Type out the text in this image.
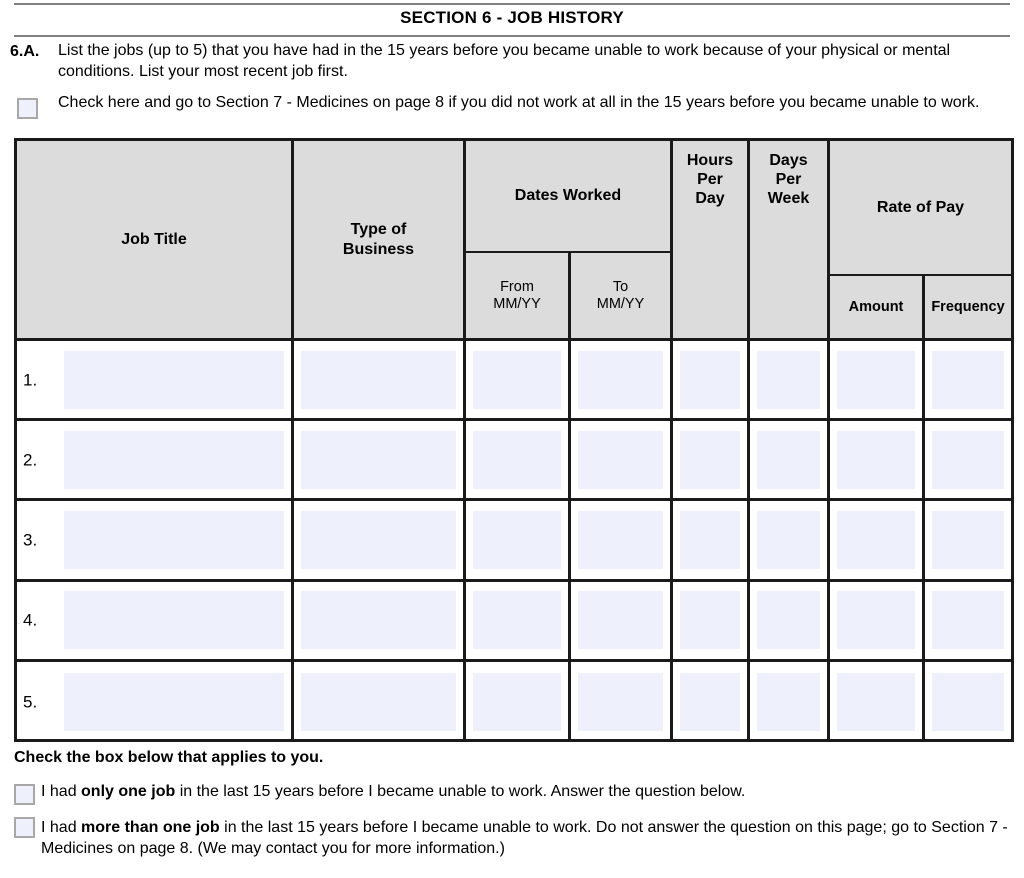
SECTION 6 - JOB HISTORY
6.A.	List the jobs (up to 5) that you have had in the 15 years before you became unable to work because of your physical or mental conditions. List your most recent job first.
Check here and go to Section 7 - Medicines on page 8 if you did not work at all in the 15 years before you became unable to work.
Job Title
Type of
Business
Dates Worked
From
MM/YY
To
MM/YY
Hours
Per
Day
Days
Per
Week
Rate of Pay
Amount	Frequency
1.
2.
3.
4.
5.
Check the box below that applies to you.
I had only one job in the last 15 years before I became unable to work. Answer the question below.
I had more than one job in the last 15 years before I became unable to work. Do not answer the question on this page; go to Section 7 - Medicines on page 8. (We may contact you for more information.)
